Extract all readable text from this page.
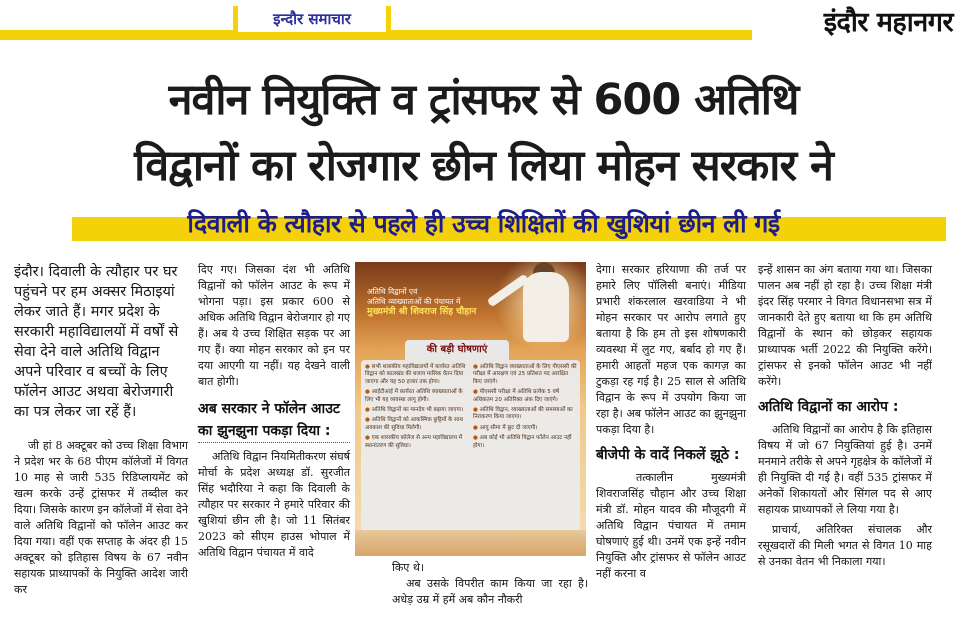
इन्दौर समाचार	इंदौर महानगर
नवीन नियुक्ति व ट्रांसफर से 600 अतिथि
विद्वानों का रोजगार छीन लिया मोहन सरकार ने
दिवाली के त्यौहार से पहले ही उच्च शिक्षितों की खुशियां छीन ली गई

इंदौर। दिवाली के त्यौहार पर घर पहुंचने पर हम अक्सर मिठाइयां लेकर जाते हैं। मगर प्रदेश के सरकारी महाविद्यालयों में वर्षों से सेवा देने वाले अतिथि विद्वान अपने परिवार व बच्चों के लिए फॉलेन आउट अथवा बेरोजगारी का पत्र लेकर जा रहें हैं।

जी हां 8 अक्टूबर को उच्च शिक्षा विभाग ने प्रदेश भर के 68 पीएम कॉलेजों में विगत 10 माह से जारी 535 रिडिप्लायमेंट को खत्म करके उन्हें ट्रांसफर में तब्दील कर दिया। जिसके कारण इन कॉलेजों में सेवा देने वाले अतिथि विद्वानों को फॉलेन आउट कर दिया गया। वहीं एक सप्ताह के अंदर ही 15 अक्टूबर को इतिहास विषय के 67 नवीन सहायक प्राध्यापकों के नियुक्ति आदेश जारी कर

दिए गए। जिसका दंश भी अतिथि विद्वानों को फॉलेन आउट के रूप में भोगना पड़ा। इस प्रकार 600 से अधिक अतिथि विद्वान बेरोजगार हो गए हैं। अब ये उच्च शिक्षित सड़क पर आ गए हैं। क्या मोहन सरकार को इन पर दया आएगी या नहीं। यह देखने वाली बात होगी।

अब सरकार ने फॉलेन आउट का झुनझुना पकड़ा दिया :

अतिथि विद्वान नियमितीकरण संघर्ष मोर्चा के प्रदेश अध्यक्ष डॉ. सुरजीत सिंह भदौरिया ने कहा कि दिवाली के त्यौहार पर सरकार ने हमारे परिवार की खुशियां छीन ली है। जो 11 सितंबर 2023 को सीएम हाउस भोपाल में अतिथि विद्वान पंचायत में वादे

अतिथि विद्वानों एवं
अतिथि व्याख्याताओं की पंचायत में
मुख्यमंत्री श्री शिवराज सिंह चौहान
की बड़ी घोषणाएं

● सभी शासकीय महाविद्यालयों में कार्यरत अतिथि विद्वान को कालखंड की बजाय मासिक वेतन दिया जाएगा और यह 50 हजार तक होगा।

● आईटीआई में कार्यरत अतिथि व्याख्याताओं के लिए भी यह व्यवस्था लागू होगी।

● अतिथि विद्वानों का मानदेय भी बढ़ाया जाएगा।

● अतिथि विद्वानों को आकस्मिक छुट्टियों के साथ अवकाश की सुविधा मिलेगी।

● एक शासकीय कॉलेज से अन्य महाविद्यालय में स्थानांतरण की सुविधा।

● अतिथि विद्वान व्याख्याताओं के लिए पीएससी की परीक्षा में आरक्षण एवं 25 प्रतिशत पद आरक्षित किए जाएंगे।

● पीएससी परीक्षा में अतिथि प्रत्येक 5 वर्ष अधिकतम 20 अतिरिक्त अंक दिए जाएंगे।

● अतिथि विद्वान, व्याख्याताओं की समस्याओं का निराकरण किया जाएगा।

● आयु सीमा में छूट दी जाएगी।

● अब कोई भी अतिथि विद्वान फॉलेन आउट नहीं होगा।

किए थे।

अब उसके विपरीत काम किया जा रहा है। अधेड़ उम्र में हमें अब कौन नौकरी

देगा। सरकार हरियाणा की तर्ज पर हमारे लिए पॉलिसी बनाएं। मीडिया प्रभारी शंकरलाल खरवाडिया ने भी मोहन सरकार पर आरोप लगाते हुए बताया है कि हम तो इस शोषणकारी व्यवस्था में लुट गए, बर्बाद हो गए हैं। हमारी आहतों महज एक कागज़ का टुकड़ा रह गई है। 25 साल से अतिथि विद्वान के रूप में उपयोग किया जा रहा है। अब फॉलेन आउट का झुनझुना पकड़ा दिया है।

बीजेपी के वादें निकलें झूठे :

तत्कालीन मुख्यमंत्री शिवराजसिंह चौहान और उच्च शिक्षा मंत्री डॉ. मोहन यादव की मौजूदगी में अतिथि विद्वान पंचायत में तमाम घोषणाएं हुई थी। उनमें एक इन्हें नवीन नियुक्ति और ट्रांसफर से फॉलेन आउट नहीं करना व

इन्हें शासन का अंग बताया गया था। जिसका पालन अब नहीं हो रहा है। उच्च शिक्षा मंत्री इंदर सिंह परमार ने विगत विधानसभा सत्र में जानकारी देते हुए बताया था कि हम अतिथि विद्वानों के स्थान को छोड़कर सहायक प्राध्यापक भर्ती 2022 की नियुक्ति करेंगे। ट्रांसफर से इनको फॉलेन आउट भी नहीं करेंगे।

अतिथि विद्वानों का आरोप :

अतिथि विद्वानों का आरोप है कि इतिहास विषय में जो 67 नियुक्तियां हुई है। उनमें मनमाने तरीके से अपने गृहक्षेत्र के कॉलेजों में ही नियुक्ति दी गई है। वहीं 535 ट्रांसफर में अनेकों शिकायतों और सिंगल पद से आए सहायक प्राध्यापकों ले लिया गया है।

प्राचार्य, अतिरिक्त संचालक और रसूखदारों की मिली भगत से विगत 10 माह से उनका वेतन भी निकाला गया।
